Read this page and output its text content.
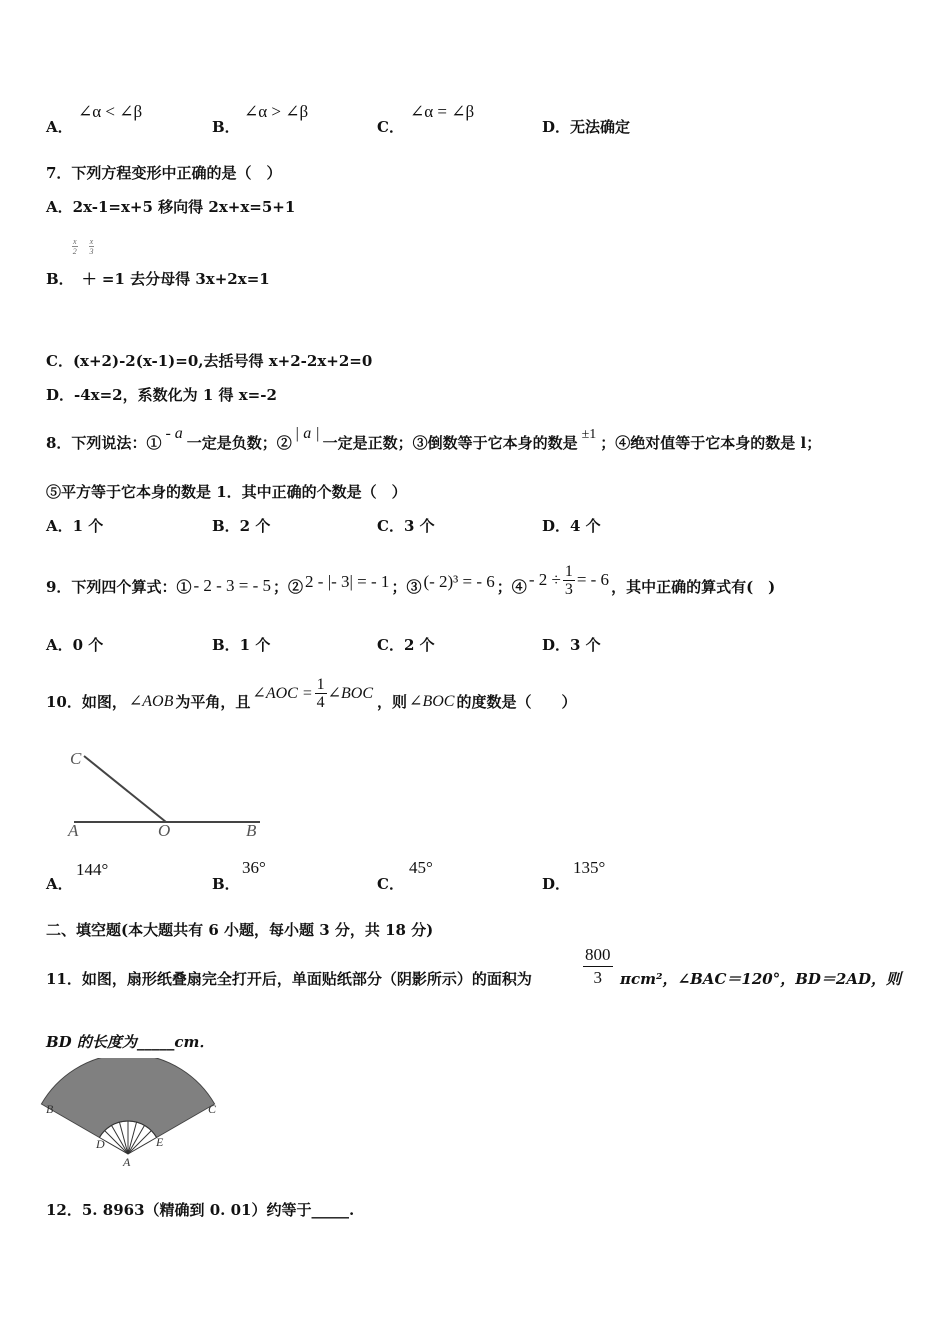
A．
∠α < ∠β
B．
∠α > ∠β
C．
∠α = ∠β
D．无法确定
7．下列方程变形中正确的是（　）
A．2x-1=x+5 移向得 2x+x=5+1
$\frac{x}{2}$
$\frac{x}{3}$
B． ＋ =1 去分母得 3x+2x=1
C．(x+2)-2(x-1)=0,去括号得 x+2-2x+2=0
D．-4x=2，系数化为 1 得 x=-2
8．下列说法：①- a一定是负数；②| a |一定是正数；③倒数等于它本身的数是 ±1 ；④绝对值等于它本身的数是 l；
⑤平方等于它本身的数是 1．其中正确的个数是（　）
A．1 个	B．2 个	C．3 个	D．4 个
9．下列四个算式：① - 2 - 3 = - 5 ；② 2 - |- 3| = - 1 ；③ (- 2)³ = - 6 ；④ - $2 \div \frac{1}{3}$ = - 6 ，其中正确的算式有(　)
A．0 个	B．1 个	C．2 个	D．3 个
10．如图， ∠AOB 为平角，且 ∠AOC = $\frac{1}{4}$ ∠BOC ，则 ∠BOC 的度数是（　　）
C
A	O	B
A．
144°
B．
36°
C．
45°
D．
135°
二、填空题(本大题共有 6 小题，每小题 3 分，共 18 分)
11．如图，扇形纸叠扇完全打开后，单面贴纸部分（阴影所示）的面积为	$\frac{800}{3} \pi cm^2$，∠BAC＝120°，BD＝2AD，则
BD 的长度为_____cm．
B	C
D	E
A
12．5. 8963（精确到 0. 01）约等于_____.
